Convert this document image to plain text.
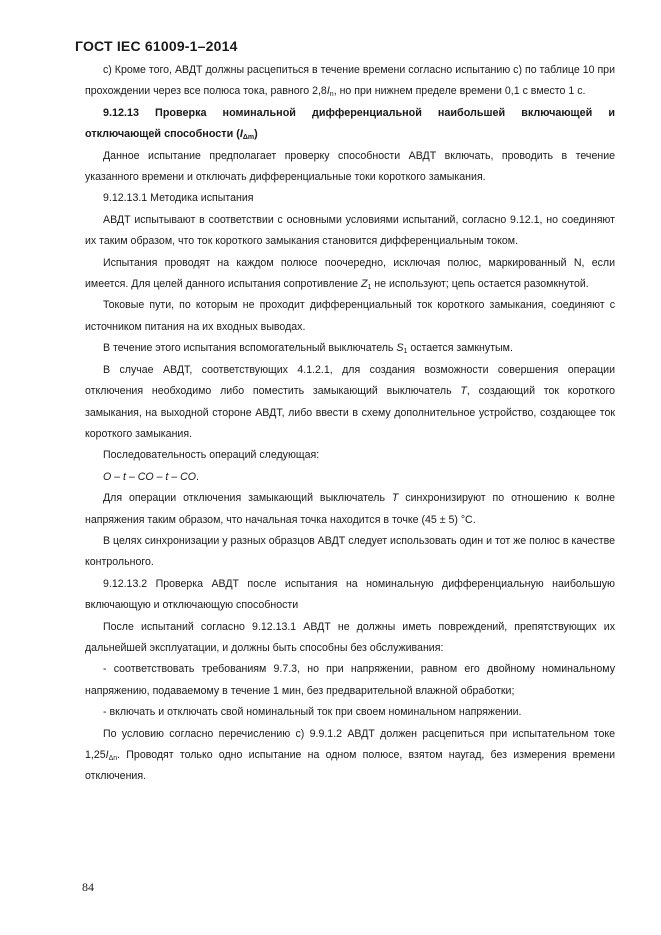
ГОСТ IEC 61009-1–2014

c) Кроме того, АВДТ должны расцепиться в течение времени согласно испытанию c) по таблице 10 при прохождении через все полюса тока, равного $2,8I_n$, но при нижнем пределе времени 0,1 с вместо 1 с.

9.12.13 Проверка номинальной дифференциальной наибольшей включающей и отключающей способности $(I_{\Delta m})$

Данное испытание предполагает проверку способности АВДТ включать, проводить в течение указанного времени и отключать дифференциальные токи короткого замыкания.

9.12.13.1 Методика испытания

АВДТ испытывают в соответствии с основными условиями испытаний, согласно 9.12.1, но соединяют их таким образом, что ток короткого замыкания становится дифференциальным током.

Испытания проводят на каждом полюсе поочередно, исключая полюс, маркированный N, если имеется. Для целей данного испытания сопротивление $Z_1$ не используют; цепь остается разомкнутой.

Токовые пути, по которым не проходит дифференциальный ток короткого замыкания, соединяют с источником питания на их входных выводах.

В течение этого испытания вспомогательный выключатель $S_1$ остается замкнутым.

В случае АВДТ, соответствующих 4.1.2.1, для создания возможности совершения операции отключения необходимо либо поместить замыкающий выключатель T, создающий ток короткого замыкания, на выходной стороне АВДТ, либо ввести в схему дополнительное устройство, создающее ток короткого замыкания.

Последовательность операций следующая:

O – t – CO – t – CO.

Для операции отключения замыкающий выключатель T синхронизируют по отношению к волне напряжения таким образом, что начальная точка находится в точке (45 ± 5) °С.

В целях синхронизации у разных образцов АВДТ следует использовать один и тот же полюс в качестве контрольного.

9.12.13.2 Проверка АВДТ после испытания на номинальную дифференциальную наибольшую включающую и отключающую способности

После испытаний согласно 9.12.13.1 АВДТ не должны иметь повреждений, препятствующих их дальнейшей эксплуатации, и должны быть способны без обслуживания:

- соответствовать требованиям 9.7.3, но при напряжении, равном его двойному номинальному напряжению, подаваемому в течение 1 мин, без предварительной влажной обработки;

- включать и отключать свой номинальный ток при своем номинальном напряжении.

По условию согласно перечислению c) 9.9.1.2 АВДТ должен расцепиться при испытательном токе $1,25I_{\Delta n}$. Проводят только одно испытание на одном полюсе, взятом наугад, без измерения времени отключения.

84
